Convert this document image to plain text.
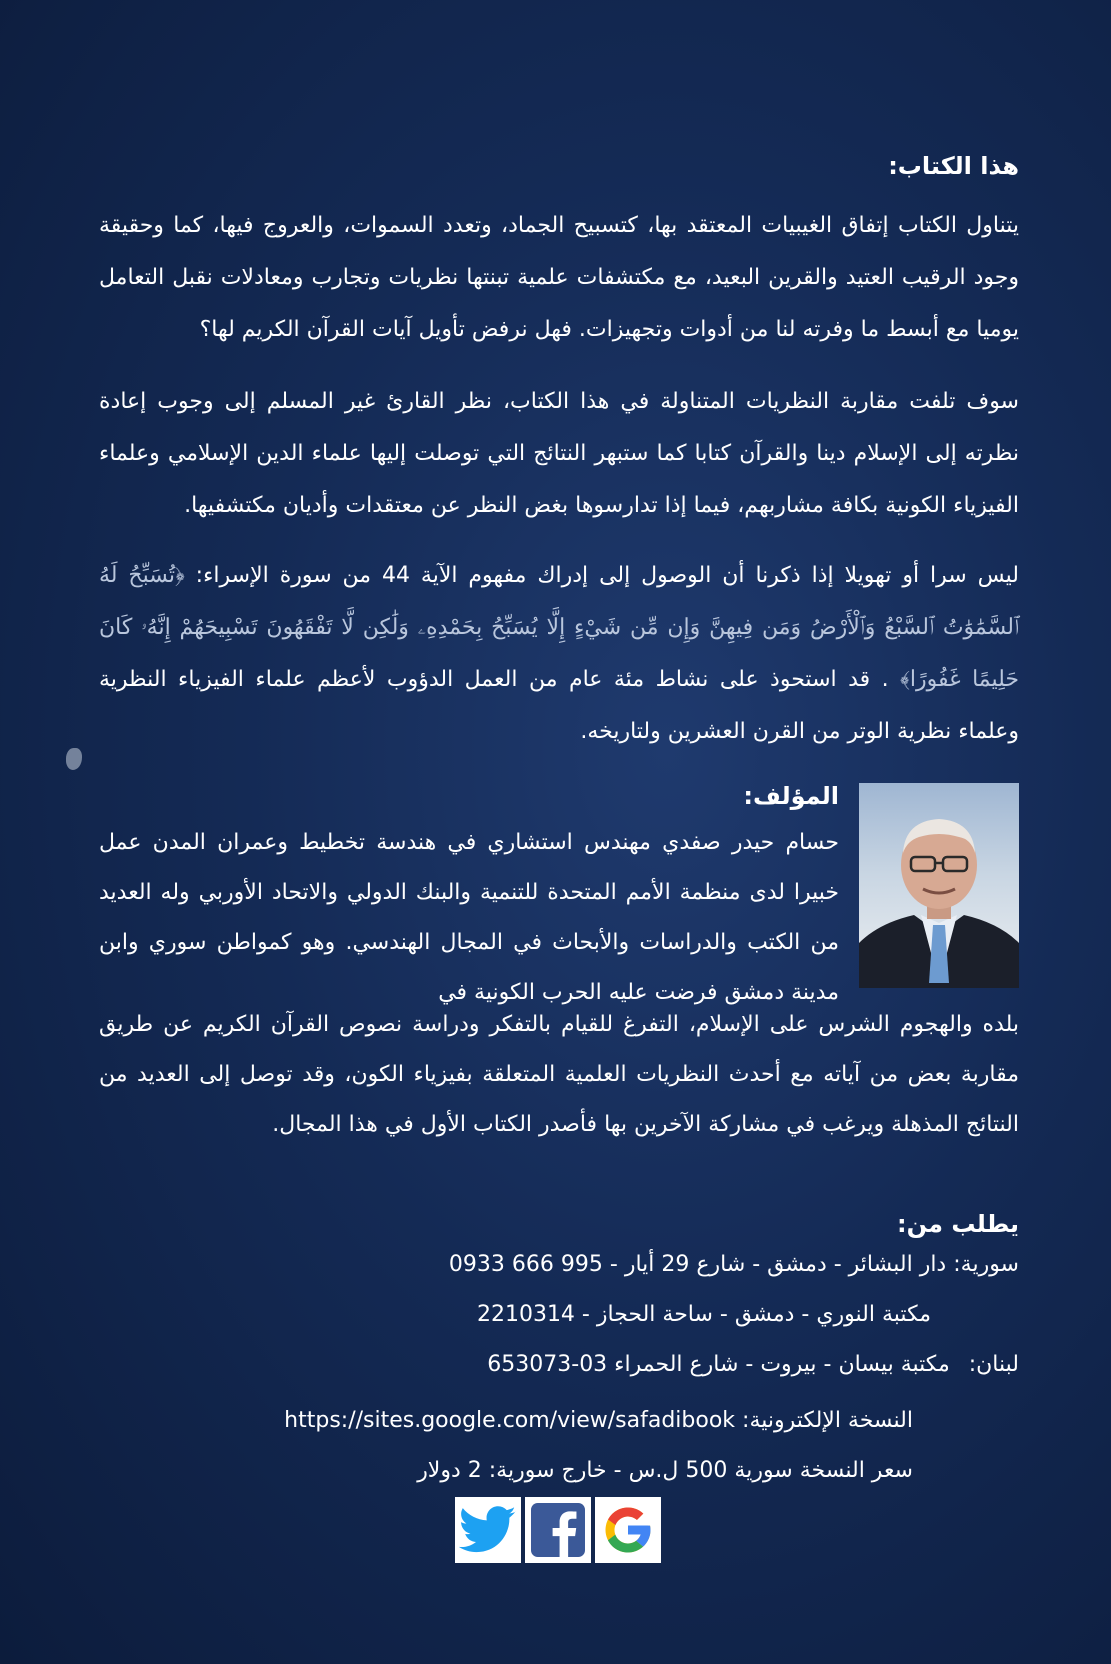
هذا الكتاب:

يتناول الكتاب إتفاق الغيبيات المعتقد بها، كتسبيح الجماد، وتعدد السموات، والعروج فيها، كما وحقيقة وجود الرقيب العتيد والقرين البعيد، مع مكتشفات علمية تبنتها نظريات وتجارب ومعادلات نقبل التعامل يوميا مع أبسط ما وفرته لنا من أدوات وتجهيزات. فهل نرفض تأويل آيات القرآن الكريم لها؟

سوف تلفت مقاربة النظريات المتناولة في هذا الكتاب، نظر القارئ غير المسلم إلى وجوب إعادة نظرته إلى الإسلام دينا والقرآن كتابا كما ستبهر النتائج التي توصلت إليها علماء الدين الإسلامي وعلماء الفيزياء الكونية بكافة مشاربهم، فيما إذا تدارسوها بغض النظر عن معتقدات وأديان مكتشفيها.

ليس سرا أو تهويلا إذا ذكرنا أن الوصول إلى إدراك مفهوم الآية 44 من سورة الإسراء: ﴿تُسَبِّحُ لَهُ ٱلسَّمَٰوَٰتُ ٱلسَّبْعُ وَٱلْأَرْضُ وَمَن فِيهِنَّ وَإِن مِّن شَيْءٍ إِلَّا يُسَبِّحُ بِحَمْدِهِۦ وَلَٰكِن لَّا تَفْقَهُونَ تَسْبِيحَهُمْ إِنَّهُۥ كَانَ حَلِيمًا غَفُورًا﴾ . قد استحوذ على نشاط مئة عام من العمل الدؤوب لأعظم علماء الفيزياء النظرية وعلماء نظرية الوتر من القرن العشرين ولتاريخه.

المؤلف:

حسام حيدر صفدي مهندس استشاري في هندسة تخطيط وعمران المدن عمل خبيرا لدى منظمة الأمم المتحدة للتنمية والبنك الدولي والاتحاد الأوربي وله العديد من الكتب والدراسات والأبحاث في المجال الهندسي. وهو كمواطن سوري وابن مدينة دمشق فرضت عليه الحرب الكونية في

بلده والهجوم الشرس على الإسلام، التفرغ للقيام بالتفكر ودراسة نصوص القرآن الكريم عن طريق مقاربة بعض من آياته مع أحدث النظريات العلمية المتعلقة بفيزياء الكون، وقد توصل إلى العديد من النتائج المذهلة ويرغب في مشاركة الآخرين بها فأصدر الكتاب الأول في هذا المجال.

يطلب من:
سورية: دار البشائر - دمشق - شارع 29 أيار - 995 666 0933
مكتبة النوري - دمشق - ساحة الحجاز - 2210314
لبنان: مكتبة بيسان - بيروت - شارع الحمراء 03-653073
النسخة الإلكترونية: https://sites.google.com/view/safadibook
سعر النسخة سورية 500 ل.س - خارج سورية: 2 دولار
